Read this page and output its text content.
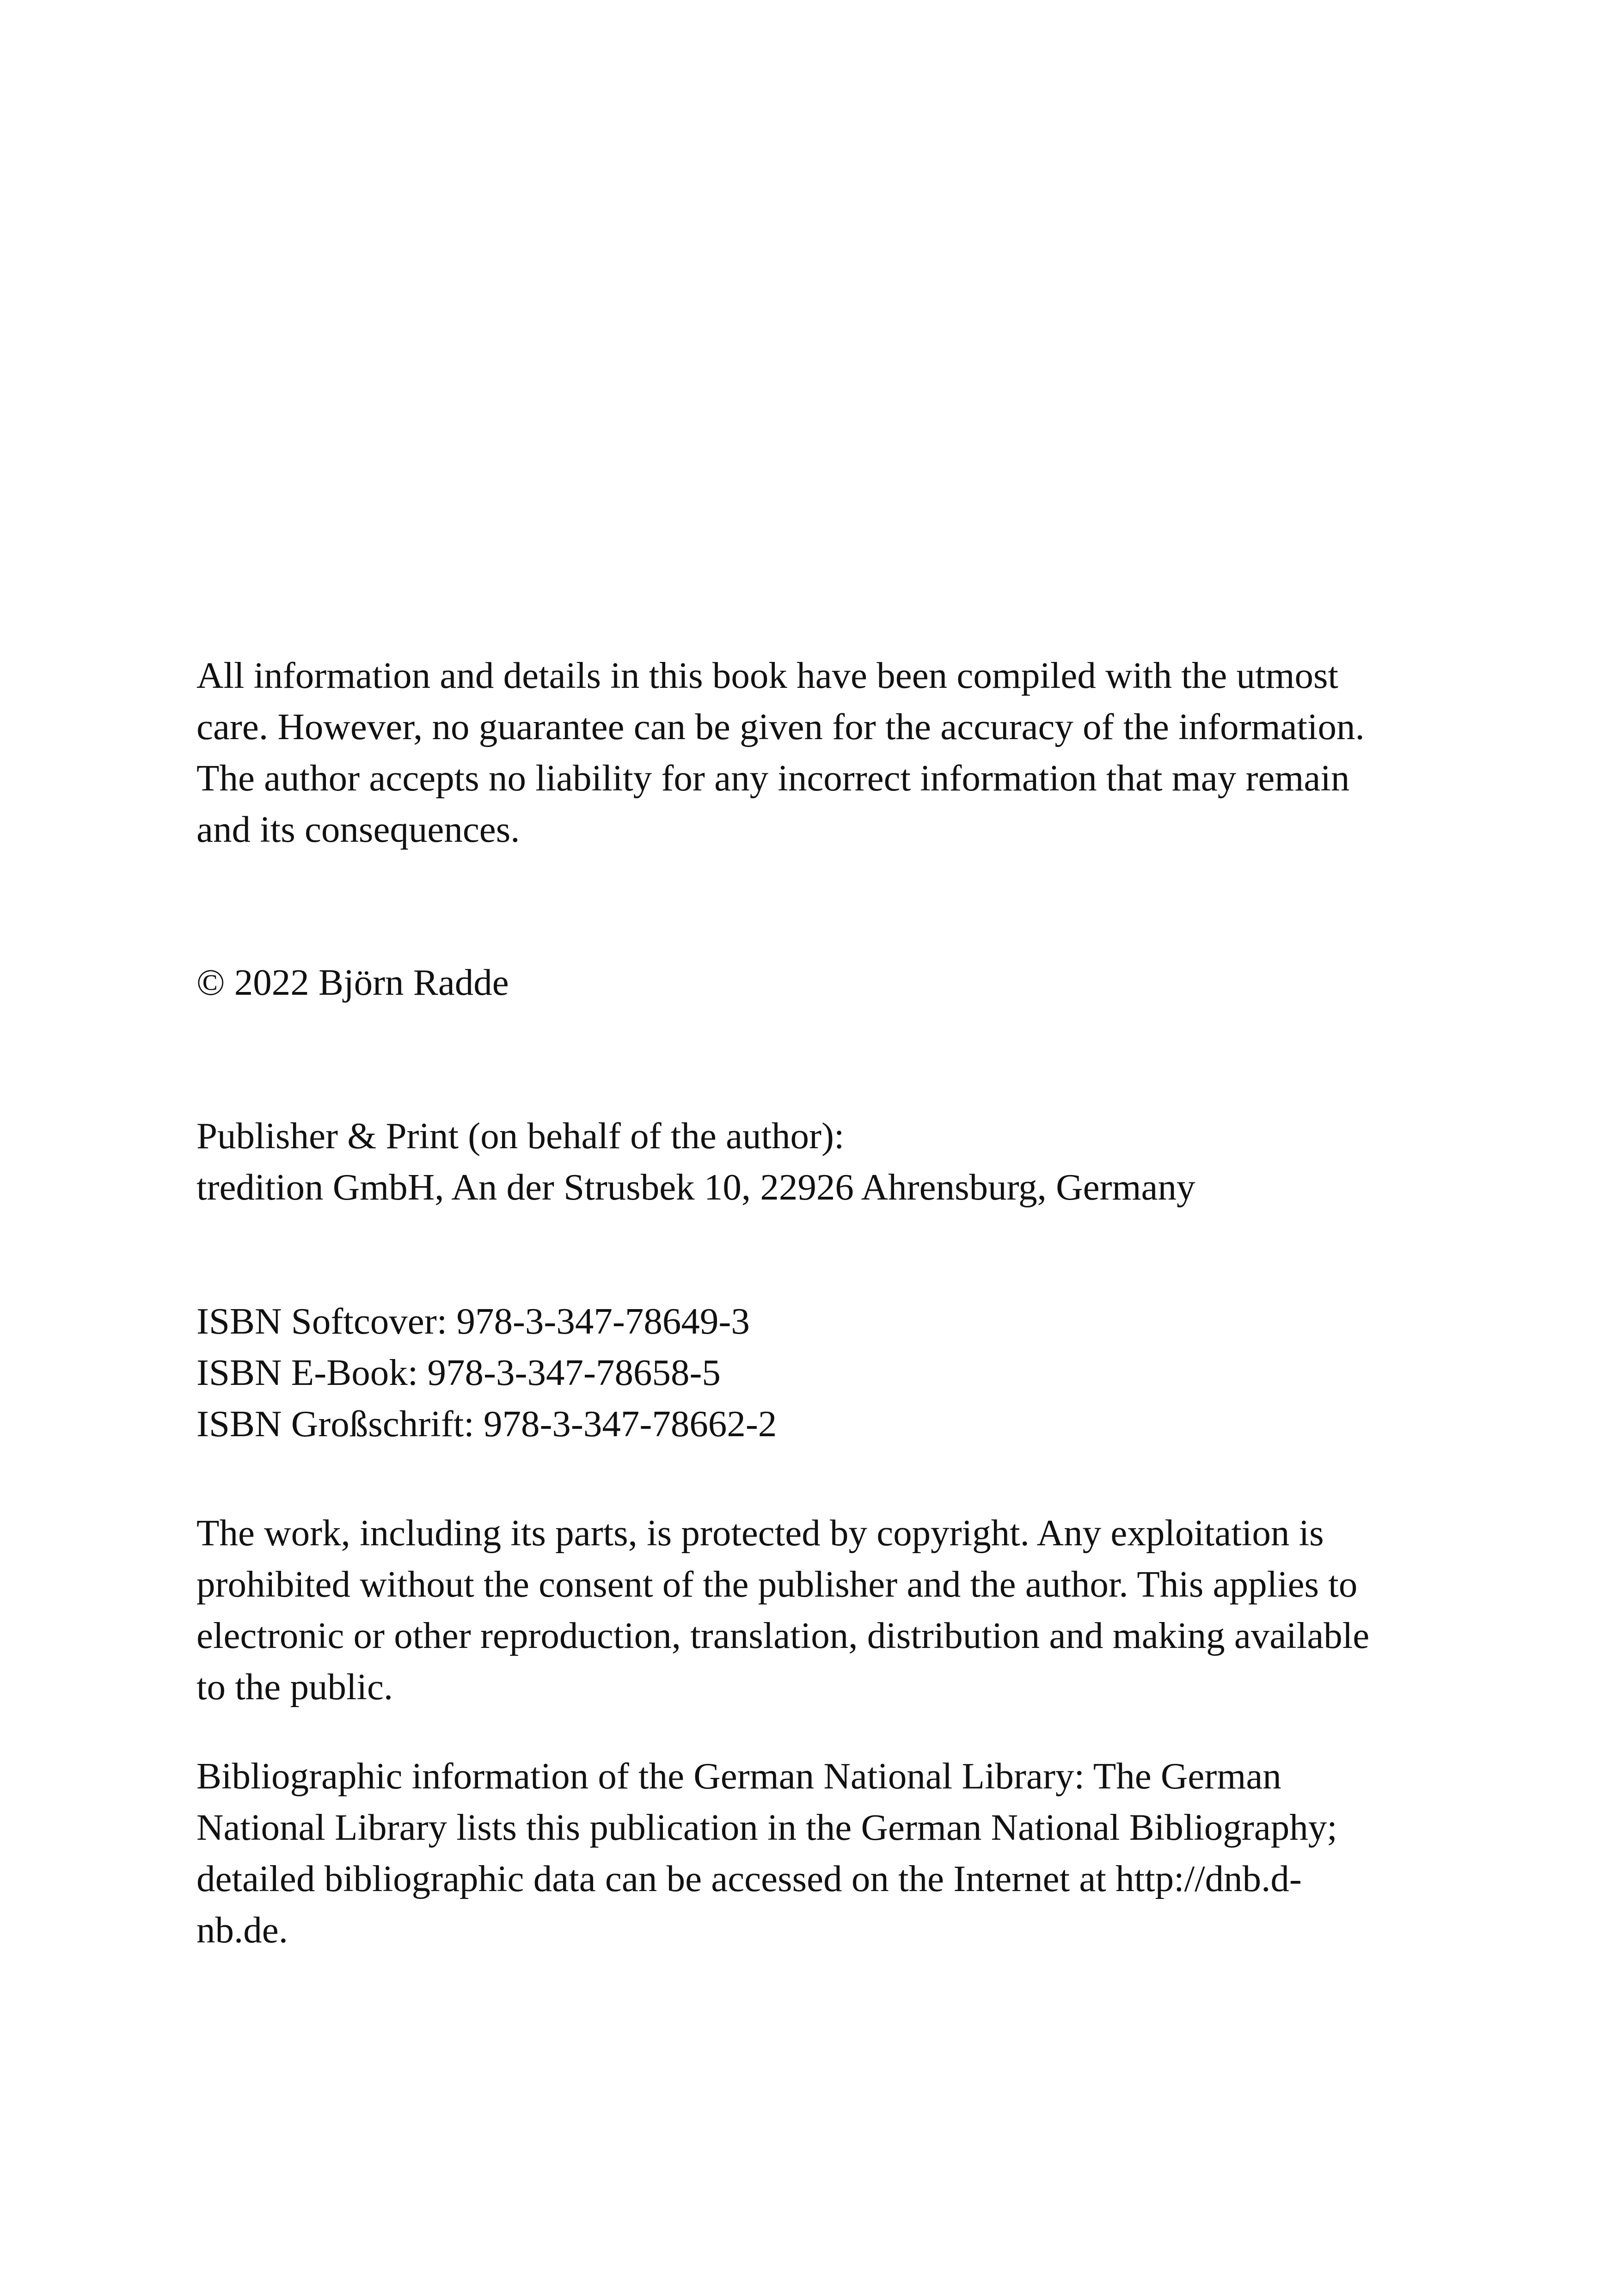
All information and details in this book have been compiled with the utmost
care. However, no guarantee can be given for the accuracy of the information.
The author accepts no liability for any incorrect information that may remain
and its consequences.

© 2022 Björn Radde

Publisher & Print (on behalf of the author):
tredition GmbH, An der Strusbek 10, 22926 Ahrensburg, Germany

ISBN Softcover: 978-3-347-78649-3
ISBN E-Book: 978-3-347-78658-5
ISBN Großschrift: 978-3-347-78662-2

The work, including its parts, is protected by copyright. Any exploitation is
prohibited without the consent of the publisher and the author. This applies to
electronic or other reproduction, translation, distribution and making available
to the public.

Bibliographic information of the German National Library: The German
National Library lists this publication in the German National Bibliography;
detailed bibliographic data can be accessed on the Internet at http://dnb.d-
nb.de.
